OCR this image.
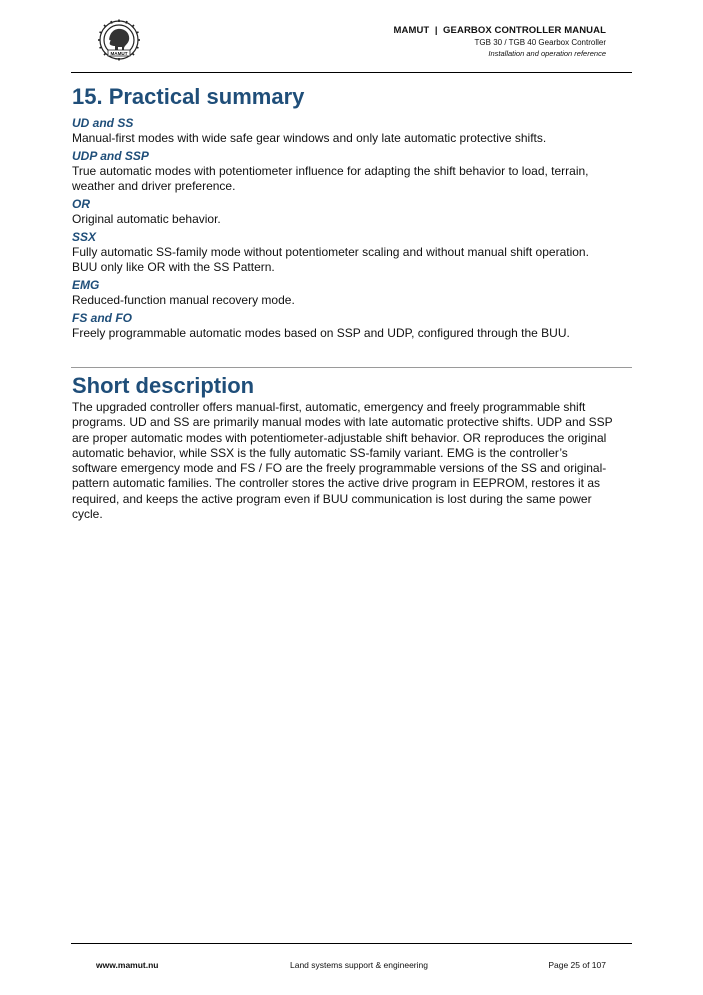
MAMUT
MAMUT  |  GEARBOX CONTROLLER MANUAL
TGB 30 / TGB 40 Gearbox Controller
Installation and operation reference
15. Practical summary
UD and SS
Manual-first modes with wide safe gear windows and only late automatic protective shifts.
UDP and SSP
True automatic modes with potentiometer influence for adapting the shift behavior to load, terrain,
weather and driver preference.
OR
Original automatic behavior.
SSX
Fully automatic SS-family mode without potentiometer scaling and without manual shift operation.
BUU only like OR with the SS Pattern.
EMG
Reduced-function manual recovery mode.
FS and FO
Freely programmable automatic modes based on SSP and UDP, configured through the BUU.
Short description
The upgraded controller offers manual-first, automatic, emergency and freely programmable shift
programs. UD and SS are primarily manual modes with late automatic protective shifts. UDP and SSP
are proper automatic modes with potentiometer-adjustable shift behavior. OR reproduces the original
automatic behavior, while SSX is the fully automatic SS-family variant. EMG is the controller’s
software emergency mode and FS / FO are the freely programmable versions of the SS and original-
pattern automatic families. The controller stores the active drive program in EEPROM, restores it as
required, and keeps the active program even if BUU communication is lost during the same power
cycle.
www.mamut.nu	Land systems support & engineering	Page 25 of 107
